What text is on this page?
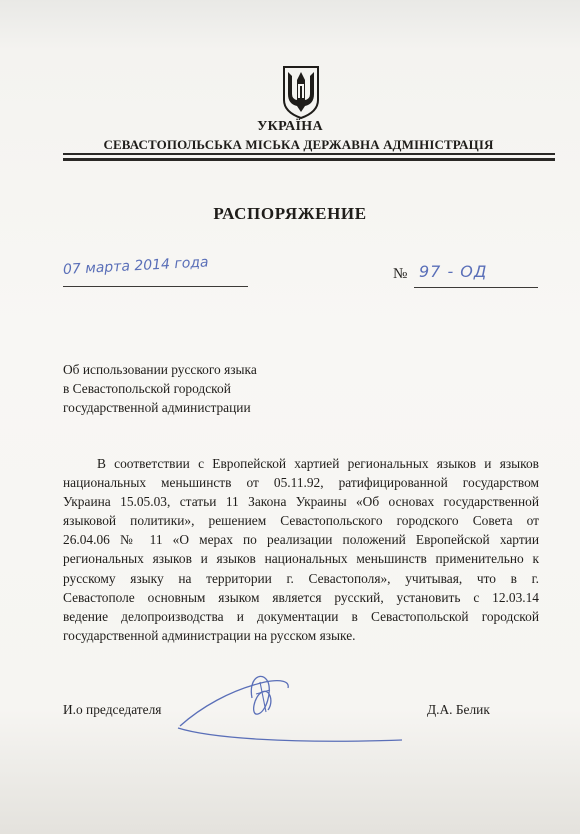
УКРАЇНА
СЕВАСТОПОЛЬСЬКА МІСЬКА ДЕРЖАВНА АДМІНІСТРАЦІЯ
РАСПОРЯЖЕНИЕ
07 марта 2014 года	№ 97 - ОД
Об использовании русского языка
в Севастопольской городской
государственной администрации
В соответствии с Европейской хартией региональных языков и языков
национальных меньшинств от 05.11.92, ратифицированной государством
Украина 15.05.03, статьи 11 Закона Украины «Об основах государственной
языковой политики», решением Севастопольского городского Совета от
26.04.06 № 11 «О мерах по реализации положений Европейской хартии
региональных языков и языков национальных меньшинств применительно к
русскому языку на территории г. Севастополя», учитывая, что в г.
Севастополе основным языком является русский, установить с 12.03.14
ведение делопроизводства и документации в Севастопольской городской
государственной администрации на русском языке.
И.о председателя	Д.А. Белик
